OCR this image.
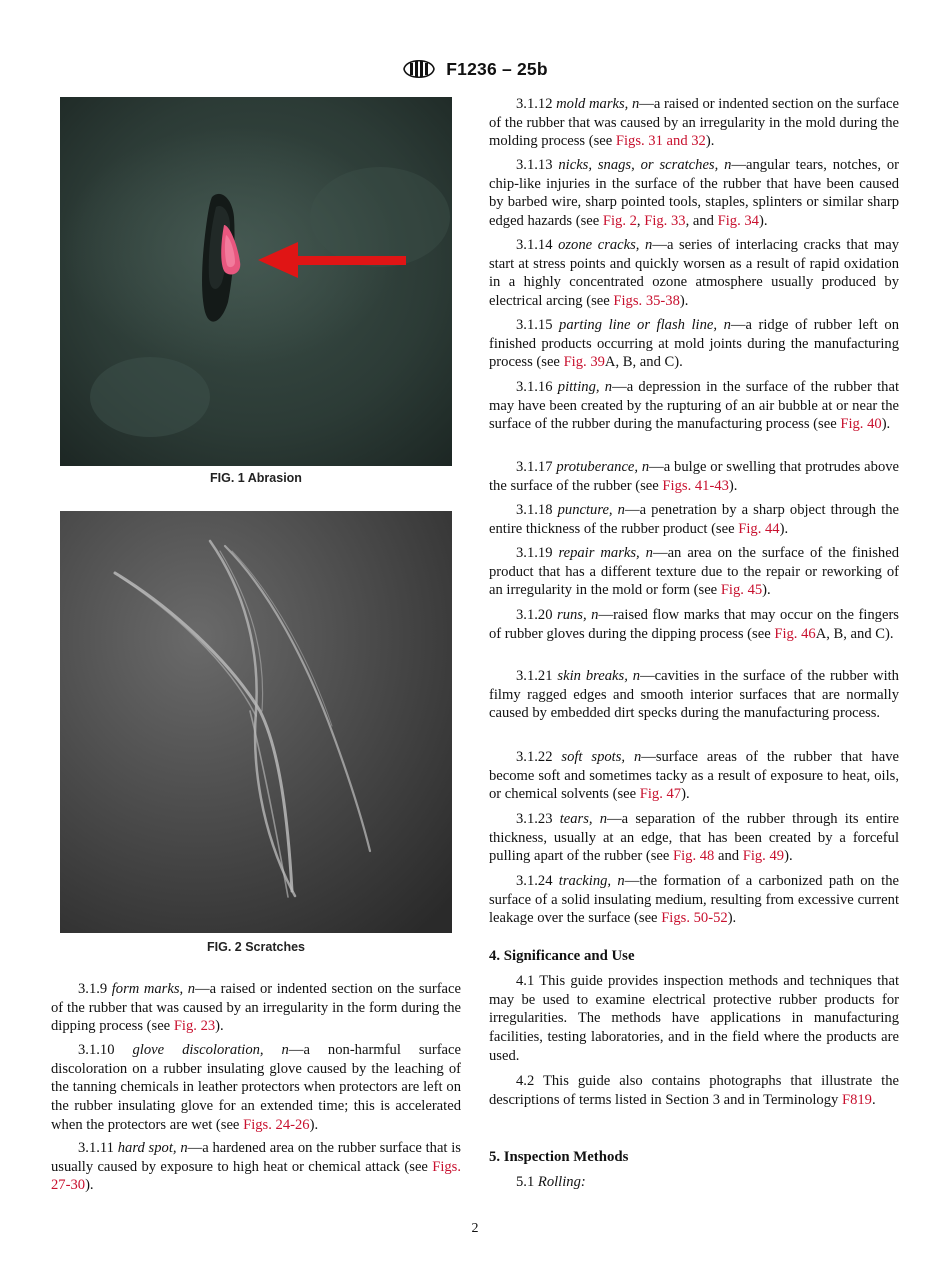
F1236 – 25b
FIG. 1 Abrasion
FIG. 2 Scratches

3.1.9 form marks, n—a raised or indented section on the surface of the rubber that was caused by an irregularity in the form during the dipping process (see Fig. 23).

3.1.10 glove discoloration, n—a non-harmful surface discoloration on a rubber insulating glove caused by the leaching of the tanning chemicals in leather protectors when protectors are left on the rubber insulating glove for an extended time; this is accelerated when the protectors are wet (see Figs. 24-26).

3.1.11 hard spot, n—a hardened area on the rubber surface that is usually caused by exposure to high heat or chemical attack (see Figs. 27-30).

3.1.12 mold marks, n—a raised or indented section on the surface of the rubber that was caused by an irregularity in the mold during the molding process (see Figs. 31 and 32).

3.1.13 nicks, snags, or scratches, n—angular tears, notches, or chip-like injuries in the surface of the rubber that have been caused by barbed wire, sharp pointed tools, staples, splinters or similar sharp edged hazards (see Fig. 2, Fig. 33, and Fig. 34).

3.1.14 ozone cracks, n—a series of interlacing cracks that may start at stress points and quickly worsen as a result of rapid oxidation in a highly concentrated ozone atmosphere usually produced by electrical arcing (see Figs. 35-38).

3.1.15 parting line or flash line, n—a ridge of rubber left on finished products occurring at mold joints during the manufacturing process (see Fig. 39A, B, and C).

3.1.16 pitting, n—a depression in the surface of the rubber that may have been created by the rupturing of an air bubble at or near the surface of the rubber during the manufacturing process (see Fig. 40).

3.1.17 protuberance, n—a bulge or swelling that protrudes above the surface of the rubber (see Figs. 41-43).

3.1.18 puncture, n—a penetration by a sharp object through the entire thickness of the rubber product (see Fig. 44).

3.1.19 repair marks, n—an area on the surface of the finished product that has a different texture due to the repair or reworking of an irregularity in the mold or form (see Fig. 45).

3.1.20 runs, n—raised flow marks that may occur on the fingers of rubber gloves during the dipping process (see Fig. 46A, B, and C).

3.1.21 skin breaks, n—cavities in the surface of the rubber with filmy ragged edges and smooth interior surfaces that are normally caused by embedded dirt specks during the manufacturing process.

3.1.22 soft spots, n—surface areas of the rubber that have become soft and sometimes tacky as a result of exposure to heat, oils, or chemical solvents (see Fig. 47).

3.1.23 tears, n—a separation of the rubber through its entire thickness, usually at an edge, that has been created by a forceful pulling apart of the rubber (see Fig. 48 and Fig. 49).

3.1.24 tracking, n—the formation of a carbonized path on the surface of a solid insulating medium, resulting from excessive current leakage over the surface (see Figs. 50-52).

4. Significance and Use

4.1 This guide provides inspection methods and techniques that may be used to examine electrical protective rubber products for irregularities. The methods have applications in manufacturing facilities, testing laboratories, and in the field where the products are used.

4.2 This guide also contains photographs that illustrate the descriptions of terms listed in Section 3 and in Terminology F819.

5. Inspection Methods

5.1 Rolling:

2
